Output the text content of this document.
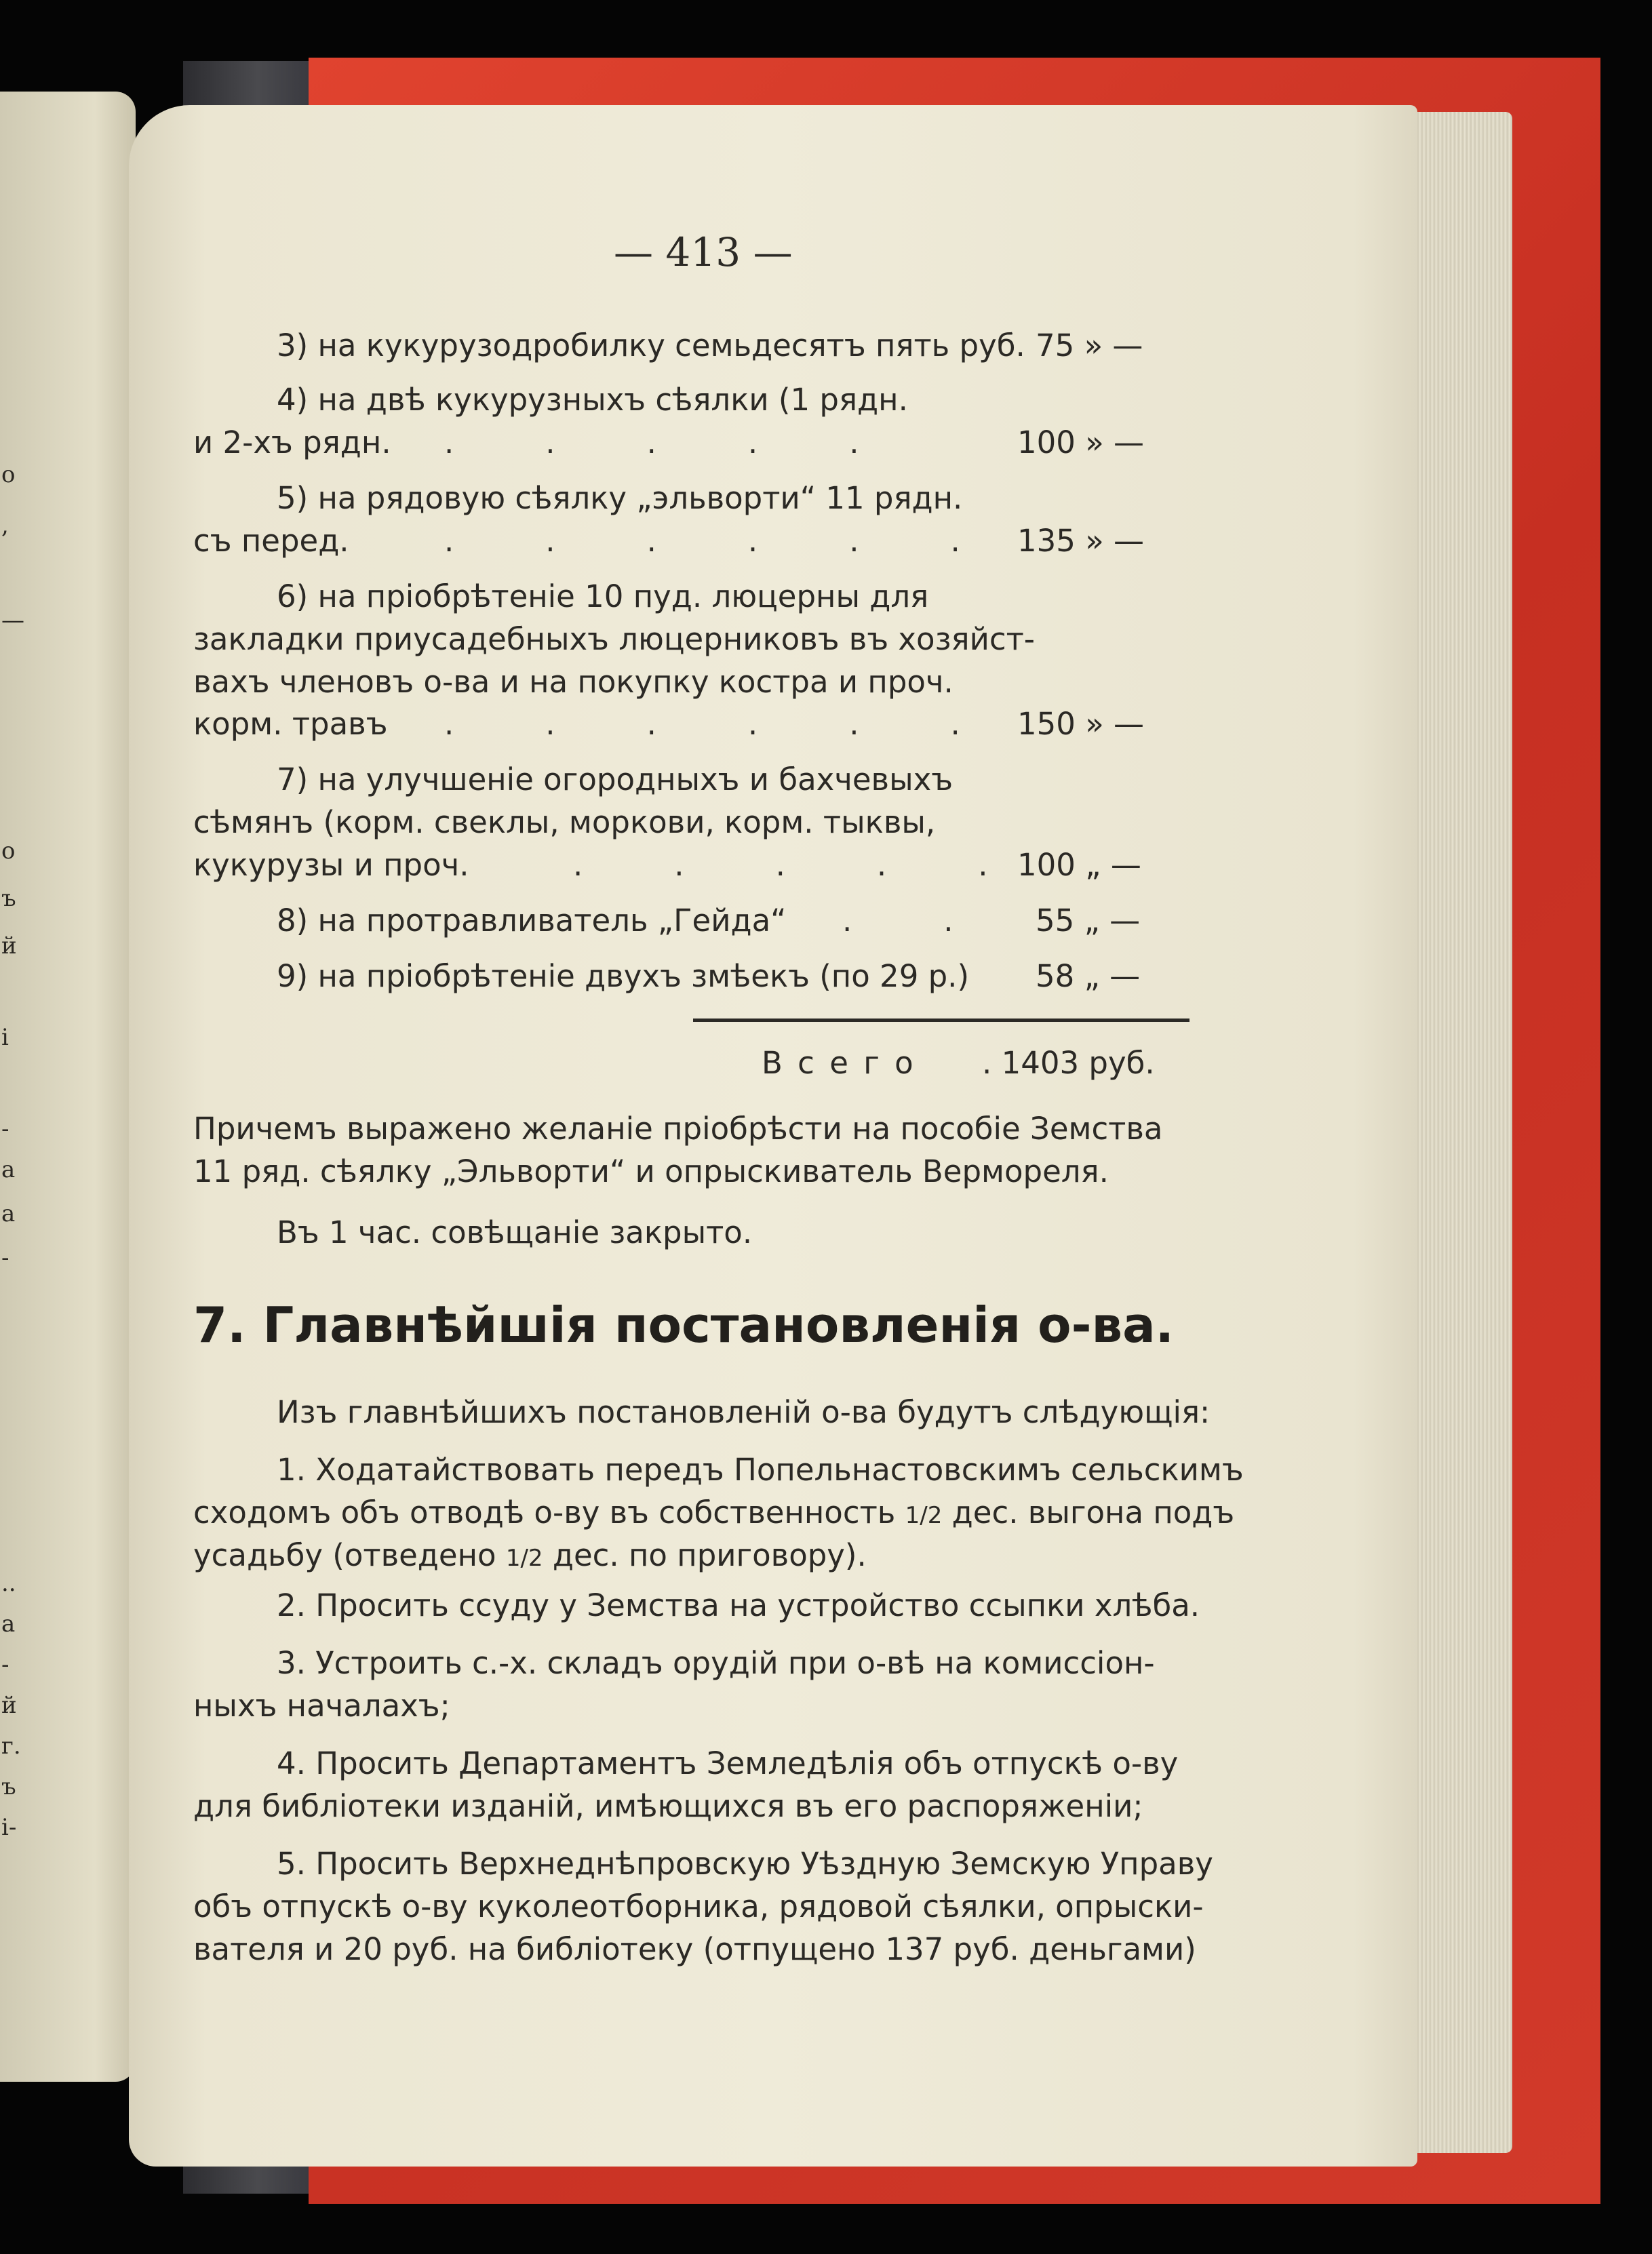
о
,
—
о
ъ
й
і
-
а
а
-
..
а
-
й
г.
ъ
і-
— 413 —
3) на кукурузодробилку семьдесятъ пять руб. 75 » —
4) на двѣ кукурузныхъ сѣялки (1 рядн.
и 2-хъ рядн. .   .   .   .   .	100 » —
5) на рядовую сѣялку „эльворти“ 11 рядн.
съ перед.	.   .   .   .   .   . 135 » —
6) на пріобрѣтеніе 10 пуд. люцерны для
закладки приусадебныхъ люцерниковъ въ хозяйст-
вахъ членовъ о-ва и на покупку костра и проч.
корм. травъ .   .   .   .   .   . 150 » —
7) на улучшеніе огородныхъ и бахчевыхъ
сѣмянъ (корм. свеклы, моркови, корм. тыквы,
кукурузы и проч.	.   .   .   .   . 100 „ —
8) на протравливатель „Гейда“ .   .	55 „ —
9) на пріобрѣтеніе двухъ змѣекъ (по 29 р.) 58 „ —
В с е г о . 1403 руб.
Причемъ выражено желаніе пріобрѣсти на пособіе Земства
11 ряд. сѣялку „Эльворти“ и опрыскиватель Вермореля.
Въ 1 час. совѣщаніе закрыто.
7. Главнѣйшія постановленія о-ва.
Изъ главнѣйшихъ постановленій о-ва будутъ слѣдующія:
1. Ходатайствовать передъ Попельнастовскимъ сельскимъ
сходомъ объ отводѣ о-ву въ собственность 1/2 дес. выгона подъ
усадьбу (отведено 1/2 дес. по приговору).
2. Просить ссуду у Земства на устройство ссыпки хлѣба.
3. Устроить с.-х. складъ орудій при о-вѣ на комиссіон-
ныхъ началахъ;
4. Просить Департаментъ Земледѣлія объ отпускѣ о-ву
для библіотеки изданій, имѣющихся въ его распоряженіи;
5. Просить Верхнеднѣпровскую Уѣздную Земскую Управу
объ отпускѣ о-ву куколеотборника, рядовой сѣялки, опрыски-
вателя и 20 руб. на библіотеку (отпущено 137 руб. деньгами)
